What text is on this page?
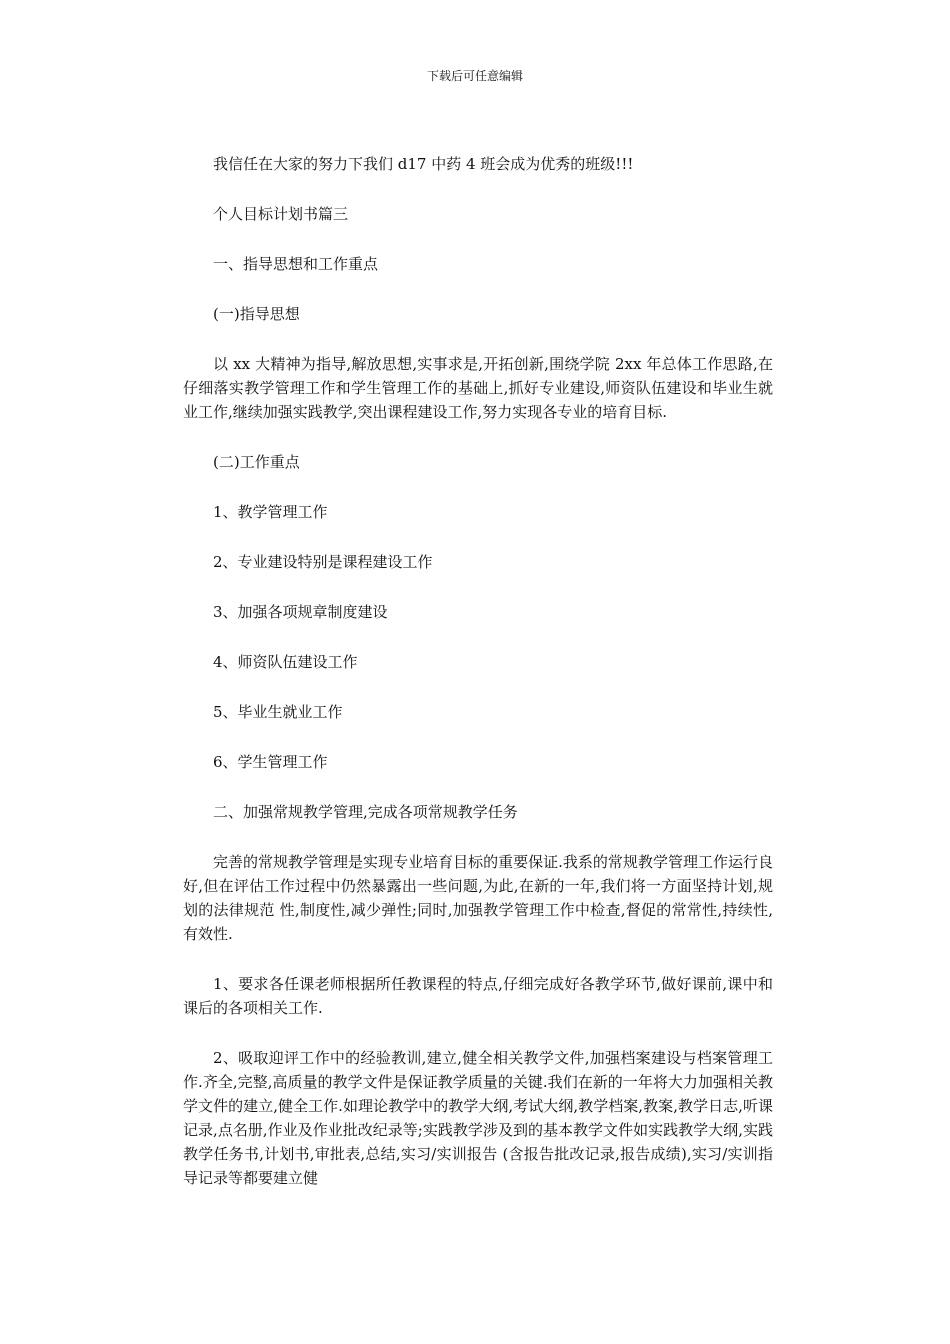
下载后可任意编辑

我信任在大家的努力下我们 d17 中药 4 班会成为优秀的班级!!!

个人目标计划书篇三

一、指导思想和工作重点

(一)指导思想

以 xx 大精神为指导,解放思想,实事求是,开拓创新,围绕学院 2xx 年总体工作思路,在仔细落实教学管理工作和学生管理工作的基础上,抓好专业建设,师资队伍建设和毕业生就业工作,继续加强实践教学,突出课程建设工作,努力实现各专业的培育目标.

(二)工作重点

1、教学管理工作

2、专业建设特别是课程建设工作

3、加强各项规章制度建设

4、师资队伍建设工作

5、毕业生就业工作

6、学生管理工作

二、加强常规教学管理,完成各项常规教学任务

完善的常规教学管理是实现专业培育目标的重要保证.我系的常规教学管理工作运行良好,但在评估工作过程中仍然暴露出一些问题,为此,在新的一年,我们将一方面坚持计划,规划的法律规范 性,制度性,减少弹性;同时,加强教学管理工作中检查,督促的常常性,持续性,有效性.

1、要求各任课老师根据所任教课程的特点,仔细完成好各教学环节,做好课前,课中和课后的各项相关工作.

2、吸取迎评工作中的经验教训,建立,健全相关教学文件,加强档案建设与档案管理工作.齐全,完整,高质量的教学文件是保证教学质量的关键.我们在新的一年将大力加强相关教学文件的建立,健全工作.如理论教学中的教学大纲,考试大纲,教学档案,教案,教学日志,听课记录,点名册,作业及作业批改纪录等;实践教学涉及到的基本教学文件如实践教学大纲,实践教学任务书,计划书,审批表,总结,实习/实训报告 (含报告批改记录,报告成绩),实习/实训指导记录等都要建立健
